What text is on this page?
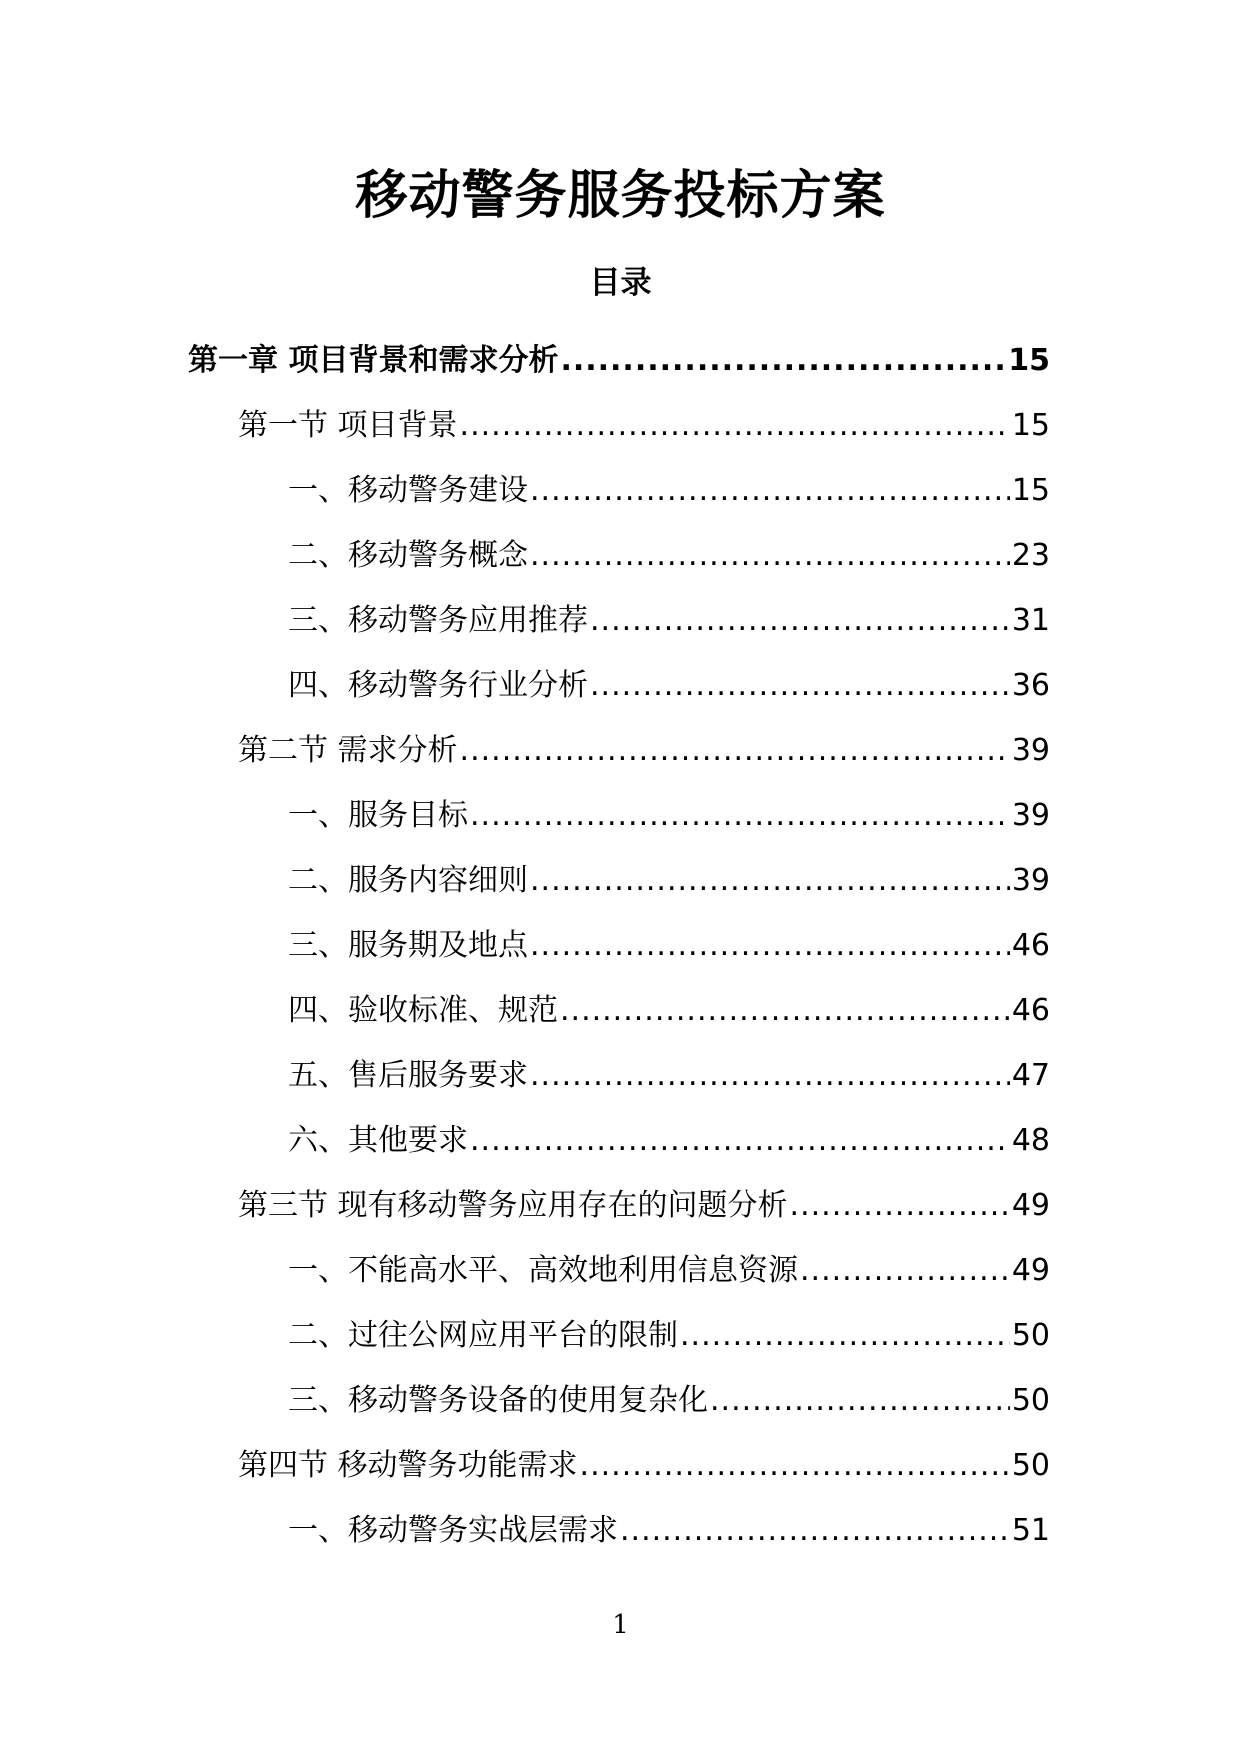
移动警务服务投标方案
目录
第一章 项目背景和需求分析 .....	15
第一节 项目背景 .....	15
一、移动警务建设 .....	15
二、移动警务概念 .....	23
三、移动警务应用推荐 .....	31
四、移动警务行业分析 .....	36
第二节 需求分析 .....	39
一、服务目标 .....	39
二、服务内容细则 .....	39
三、服务期及地点 .....	46
四、验收标准、规范 .....	46
五、售后服务要求 .....	47
六、其他要求 .....	48
第三节 现有移动警务应用存在的问题分析 .....	49
一、不能高水平、高效地利用信息资源 .....	49
二、过往公网应用平台的限制 .....	50
三、移动警务设备的使用复杂化 .....	50
第四节 移动警务功能需求 .....	50
一、移动警务实战层需求 .....	51
1
